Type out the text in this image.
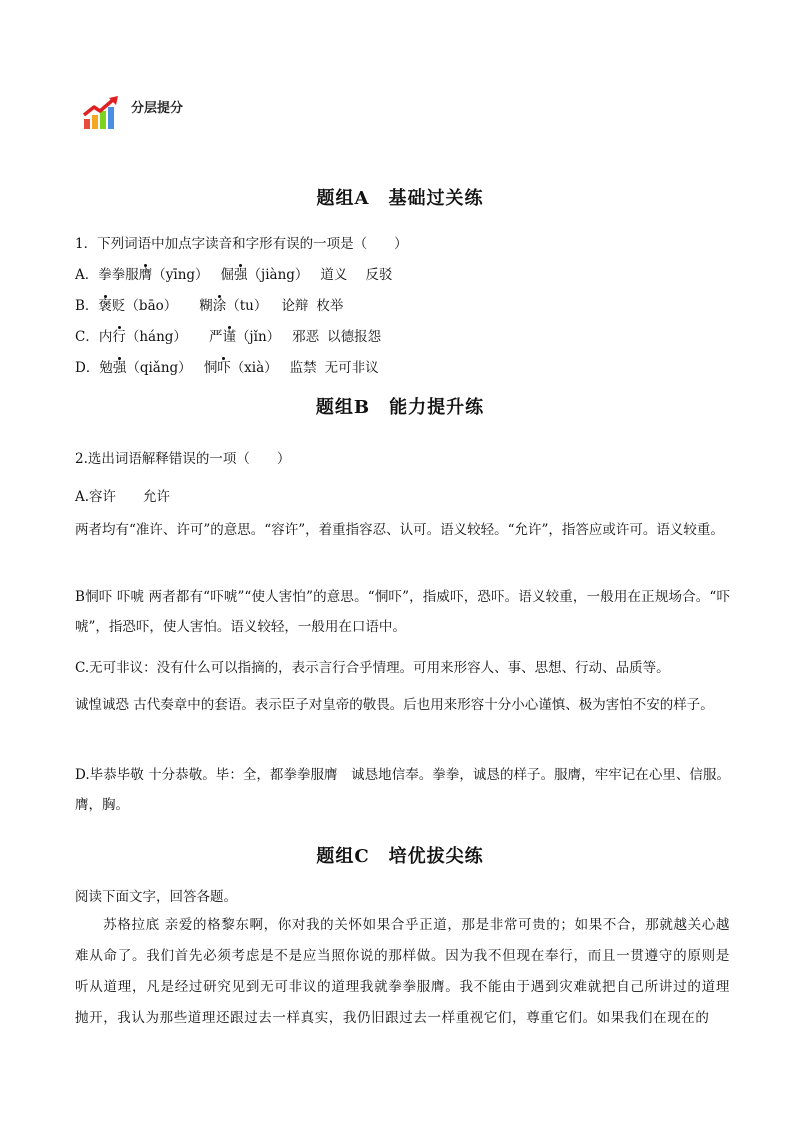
分层提分
题组A　基础过关练
1．下列词语中加点字读音和字形有误的一项是（　　）
A．拳拳服膺（yīng） 倔强（jiàng） 道义 反驳
B．褒贬（bāo） 糊涂（tu） 论辩 枚举
C．内行（háng） 严谨（jǐn） 邪恶 以德报怨
D．勉强（qiǎng） 恫吓（xià） 监禁 无可非议
题组B　能力提升练
2.选出词语解释错误的一项（　　）
A.容许　　允许
两者均有“准许、许可”的意思。“容许”，着重指容忍、认可。语义较轻。“允许”，指答应或许可。语义较重。
B恫吓 吓唬 两者都有“吓唬”“使人害怕”的意思。“恫吓”，指威吓，恐吓。语义较重，一般用在正规场合。“吓唬”，指恐吓，使人害怕。语义较轻，一般用在口语中。
C.无可非议：没有什么可以指摘的，表示言行合乎情理。可用来形容人、事、思想、行动、品质等。
诚惶诚恐 古代奏章中的套语。表示臣子对皇帝的敬畏。后也用来形容十分小心谨慎、极为害怕不安的样子。
D.毕恭毕敬 十分恭敬。毕：全，都拳拳服膺　诚恳地信奉。拳拳，诚恳的样子。服膺，牢牢记在心里、信服。膺，胸。
题组C　培优拔尖练
阅读下面文字，回答各题。
　　苏格拉底 亲爱的格黎东啊，你对我的关怀如果合乎正道，那是非常可贵的；如果不合，那就越关心越难从命了。我们首先必须考虑是不是应当照你说的那样做。因为我不但现在奉行，而且一贯遵守的原则是听从道理，凡是经过研究见到无可非议的道理我就拳拳服膺。我不能由于遇到灾难就把自己所讲过的道理抛开，我认为那些道理还跟过去一样真实，我仍旧跟过去一样重视它们，尊重它们。如果我们在现在的
